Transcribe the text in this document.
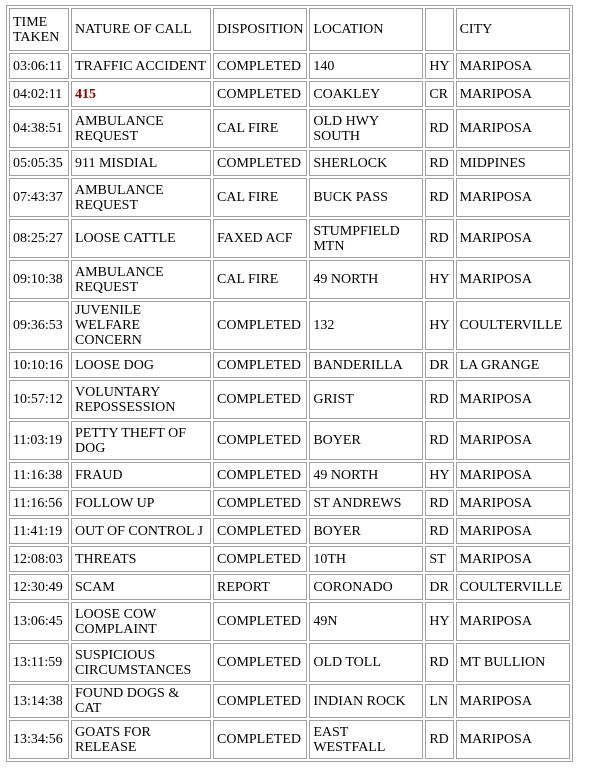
TIME TAKEN	NATURE OF CALL	DISPOSITION	LOCATION		CITY
03:06:11	TRAFFIC ACCIDENT	COMPLETED	140	HY	MARIPOSA
04:02:11	415	COMPLETED	COAKLEY	CR	MARIPOSA
04:38:51	AMBULANCE REQUEST	CAL FIRE	OLD HWY SOUTH	RD	MARIPOSA
05:05:35	911 MISDIAL	COMPLETED	SHERLOCK	RD	MIDPINES
07:43:37	AMBULANCE REQUEST	CAL FIRE	BUCK PASS	RD	MARIPOSA
08:25:27	LOOSE CATTLE	FAXED ACF	STUMPFIELD MTN	RD	MARIPOSA
09:10:38	AMBULANCE REQUEST	CAL FIRE	49 NORTH	HY	MARIPOSA
09:36:53	JUVENILE WELFARE CONCERN	COMPLETED	132	HY	COULTERVILLE
10:10:16	LOOSE DOG	COMPLETED	BANDERILLA	DR	LA GRANGE
10:57:12	VOLUNTARY REPOSSESSION	COMPLETED	GRIST	RD	MARIPOSA
11:03:19	PETTY THEFT OF DOG	COMPLETED	BOYER	RD	MARIPOSA
11:16:38	FRAUD	COMPLETED	49 NORTH	HY	MARIPOSA
11:16:56	FOLLOW UP	COMPLETED	ST ANDREWS	RD	MARIPOSA
11:41:19	OUT OF CONTROL J	COMPLETED	BOYER	RD	MARIPOSA
12:08:03	THREATS	COMPLETED	10TH	ST	MARIPOSA
12:30:49	SCAM	REPORT	CORONADO	DR	COULTERVILLE
13:06:45	LOOSE COW COMPLAINT	COMPLETED	49N	HY	MARIPOSA
13:11:59	SUSPICIOUS CIRCUMSTANCES	COMPLETED	OLD TOLL	RD	MT BULLION
13:14:38	FOUND DOGS & CAT	COMPLETED	INDIAN ROCK	LN	MARIPOSA
13:34:56	GOATS FOR RELEASE	COMPLETED	EAST WESTFALL	RD	MARIPOSA
